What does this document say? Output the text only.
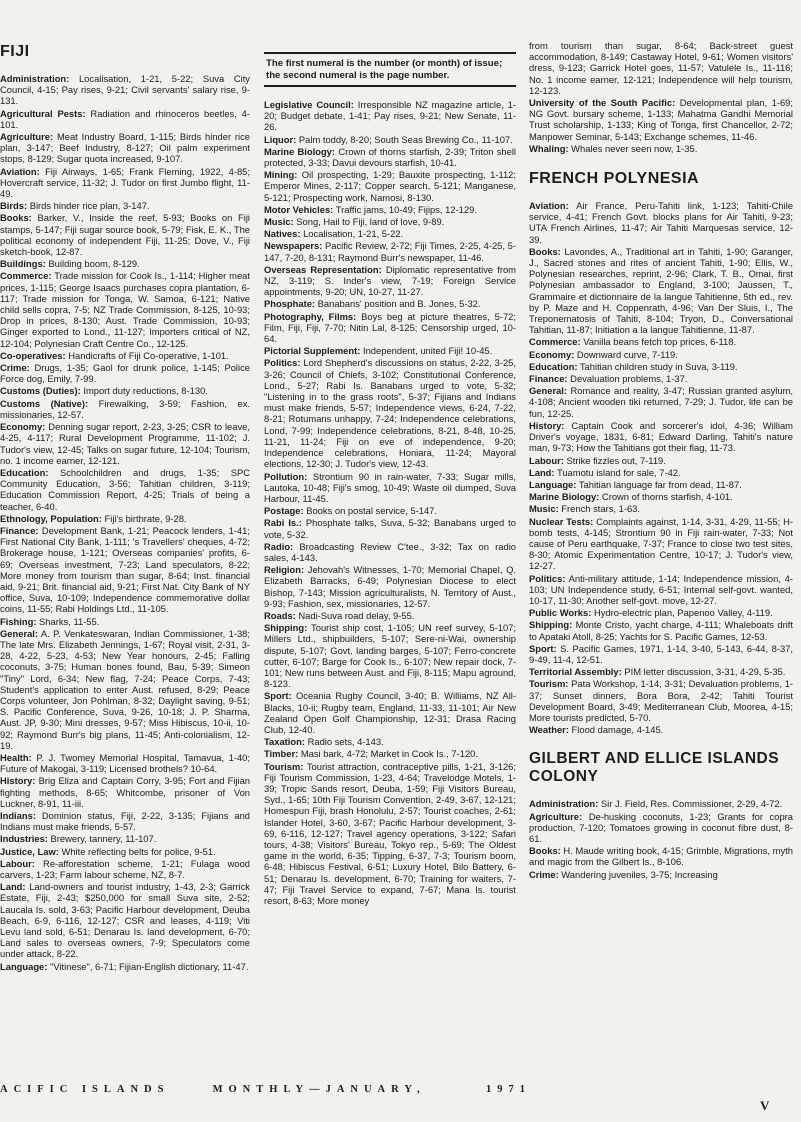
FIJI
Administration: Localisation, 1-21, 5-22; Suva City Council, 4-15; Pay rises, 9-21; Civil servants' salary rise, 9-131.
Agricultural Pests: Radiation and rhinoceros beetles, 4-101.
Agriculture: Meat Industry Board, 1-115; Birds hinder rice plan, 3-147; Beef Industry, 8-127; Oil palm experiment stops, 8-129; Sugar quota increased, 9-107.
Aviation: Fiji Airways, 1-65; Frank Fleming, 1922, 4-85; Hovercraft service, 11-32; J. Tudor on first Jumbo flight, 11-49.
Birds: Birds hinder rice plan, 3-147.
Books: Barker, V., Inside the reef, 5-93; Books on Fiji stamps, 5-147; Fiji sugar source book, 5-79; Fisk, E. K., The political economy of independent Fiji, 11-25; Dove, V., Fiji sketch-book, 12-87.
Buildings: Building boom, 8-129.
Commerce: Trade mission for Cook Is., 1-114; Higher meat prices, 1-115; George Isaacs purchases copra plantation, 6-117; Trade mission for Tonga, W. Samoa, 6-121; Native child sells copra, 7-5; NZ Trade Commission, 8-125, 10-93; Drop in prices, 8-130; Aust. Trade Commission, 10-93; Ginger exported to Lond., 11-127; Importers critical of NZ, 12-104; Polynesian Craft Centre Co., 12-125.
Co-operatives: Handicrafts of Fiji Co-operative, 1-101.
Crime: Drugs, 1-35; Gaol for drunk police, 1-145; Police Force dog, Emily, 7-99.
Customs (Duties): Import duty reductions, 8-130.
Customs (Native): Firewalking, 3-59; Fashion, ex. missionaries, 12-57.
Economy: Denning sugar report, 2-23, 3-25; CSR to leave, 4-25, 4-117; Rural Development Programme, 11-102; J. Tudor's view, 12-45; Talks on sugar future, 12-104; Tourism, no. 1 income earner, 12-121.
Education: Schoolchildren and drugs, 1-35; SPC Community Education, 3-56; Tahitian children, 3-119; Education Commission Report, 4-25; Trials of being a teacher, 6-40.
Ethnology, Population: Fiji's birthrate, 9-28.
Finance: Development Bank, 1-21; Peacock lenders, 1-41; First National City Bank, 1-111; 's Travellers' cheques, 4-72; Brokerage house, 1-121; Overseas companies' profits, 6-69; Overseas investment, 7-23; Land speculators, 8-22; More money from tourism than sugar, 8-64; Inst. financial aid, 9-21; Brit. financial aid, 9-21; First Nat. City Bank of NY office, Suva, 10-109; Independence commemorative dollar coins, 11-55; Rabi Holdings Ltd., 11-105.
Fishing: Sharks, 11-55.
General: A. P. Venkateswaran, Indian Commissioner, 1-38; The late Mrs. Elizabeth Jennings, 1-67; Royal visit, 2-31, 3-28, 4-22, 5-23, 4-53; New Year honours, 2-45; Falling coconuts, 3-75; Human bones found, Bau, 5-39; Simeon "Tiny" Lord, 6-34; New flag, 7-24; Peace Corps, 7-43; Student's application to enter Aust. refused, 8-29; Peace Corps volunteer, Jon Pohlman, 8-32; Daylight saving, 9-51; S. Pacific Conference, Suva, 9-26, 10-18; J. P. Sharma, Aust. JP, 9-30; Mini dresses, 9-57; Miss Hibiscus, 10-ii, 10-92; Raymond Burr's big plans, 11-45; Anti-colonialism, 12-19.
Health: P. J. Twomey Memorial Hospital, Tamavua, 1-40; Future of Makogai, 3-119; Licensed brothels? 10-64.
History: Brig Eliza and Captain Corry, 3-95; Fort and Fijian fighting methods, 8-65; Whitcombe, prisoner of Von Luckner, 8-91, 11-iii.
Indians: Dominion status, Fiji, 2-22, 3-135; Fijians and Indians must make friends, 5-57.
Industries: Brewery, tannery, 11-107.
Justice, Law: White reflecting belts for police, 9-51.
Labour: Re-afforestation scheme, 1-21; Fulaga wood carvers, 1-23; Farm labour scheme, NZ, 8-7.
Land: Land-owners and tourist industry, 1-43, 2-3; Garrick Estate, Fiji, 2-43; $250,000 for small Suva site, 2-52; Laucala Is. sold, 3-63; Pacific Harbour development, Deuba Beach, 6-9, 6-116, 12-127; CSR and leases, 4-119; Viti Levu land sold, 6-51; Denarau Is. land development, 6-70; Land sales to overseas owners, 7-9; Speculators come under attack, 8-22.
Language: "Vitinese", 6-71; Fijian-English dictionary, 11-47.
The first numeral is the number (or month) of issue; the second numeral is the page number.
Legislative Council: Irresponsible NZ magazine article, 1-20; Budget debate, 1-41; Pay rises, 9-21; New Senate, 11-26.
Liquor: Palm toddy, 8-20; South Seas Brewing Co., 11-107.
Marine Biology: Crown of thorns starfish, 2-39; Triton shell protected, 3-33; Davui devours starfish, 10-41.
Mining: Oil prospecting, 1-29; Bauxite prospecting, 1-112; Emperor Mines, 2-117; Copper search, 5-121; Manganese, 5-121; Prospecting work, Namosi, 8-130.
Motor Vehicles: Traffic jams, 10-49; Fijips, 12-129.
Music: Song, Hail to Fiji, land of love, 9-89.
Natives: Localisation, 1-21, 5-22.
Newspapers: Pacific Review, 2-72; Fiji Times, 2-25, 4-25, 5-147, 7-20, 8-131; Raymond Burr's newspaper, 11-46.
Overseas Representation: Diplomatic representative from NZ, 3-119; S. Inder's view, 7-19; Foreign Service appointments, 9-20; UN, 10-27, 11-27.
Phosphate: Banabans' position and B. Jones, 5-32.
Photography, Films: Boys beg at picture theatres, 5-72; Film, Fiji, Fiji, 7-70; Nitin Lal, 8-125; Censorship urged, 10-64.
Pictorial Supplement: Independent, united Fiji! 10-45.
Politics: Lord Shepherd's discussions on status, 2-22, 3-25, 3-26; Council of Chiefs, 3-102; Constitutional Conference, Lond., 5-27; Rabi Is. Banabans urged to vote, 5-32; "Listening in to the grass roots", 5-37; Fijians and Indians must make friends, 5-57; Independence views, 6-24, 7-22, 8-21; Rotumans unhappy, 7-24; Independence celebrations, Lond, 7-99; Independence celebrations, 8-21, 8-48, 10-25, 11-21, 11-24; Fiji on eve of independence, 9-20; Independence celebrations, Honiara, 11-24; Mayoral elections, 12-30; J. Tudor's view, 12-43.
Pollution: Strontium 90 in rain-water, 7-33; Sugar mills, Lautoka, 10-48; Fiji's smog, 10-49; Waste oil dumped, Suva Harbour, 11-45.
Postage: Books on postal service, 5-147.
Rabi Is.: Phosphate talks, Suva, 5-32; Banabans urged to vote, 5-32.
Radio: Broadcasting Review C'tee., 3-32; Tax on radio sales, 4-143.
Religion: Jehovah's Witnesses, 1-70; Memorial Chapel, Q. Elizabeth Barracks, 6-49; Polynesian Diocese to elect Bishop, 7-143; Mission agriculturalists, N. Territory of Aust., 9-93; Fashion, sex, missionaries, 12-57.
Roads: Nadi-Suva road delay, 9-55.
Shipping: Tourist ship cost, 1-105; UN reef survey, 5-107; Millers Ltd., shipbuilders, 5-107; Sere-ni-Wai, ownership dispute, 5-107; Govt. landing barges, 5-107; Ferro-concrete cutter, 6-107; Barge for Cook Is., 6-107; New repair dock, 7-101; New runs between Aust. and Fiji, 8-115; Mapu aground, 8-123.
Sport: Oceania Rugby Council, 3-40; B. Williams, NZ All-Blacks, 10-ii; Rugby team, England, 11-33, 11-101; Air New Zealand Open Golf Championship, 12-31; Drasa Racing Club, 12-40.
Taxation: Radio sets, 4-143.
Timber: Masi bark, 4-72; Market in Cook Is., 7-120.
Tourism: Tourist attraction, contraceptive pills, 1-21, 3-126; Fiji Tourism Commission, 1-23, 4-64; Travelodge Motels, 1-39; Tropic Sands resort, Deuba, 1-59; Fiji Visitors Bureau, Syd., 1-65; 10th Fiji Tourism Convention, 2-49, 3-67, 12-121; Homespun Fiji, brash Honolulu, 2-57; Tourist coaches, 2-61; Islander Hotel, 3-60, 3-67; Pacific Harbour development, 3-69, 6-116, 12-127; Travel agency operations, 3-122; Safari tours, 4-38; Visitors' Bureau, Tokyo rep., 5-69; The Oldest game in the world, 6-35; Tipping, 6-37, 7-3; Tourism boom, 6-48; Hibiscus Festival, 6-51; Luxury Hotel, Bilo Battery, 6-51; Denarau Is. development, 6-70; Training for waiters, 7-47; Fiji Travel Service to expand, 7-67; Mana Is. tourist resort, 8-63; More money
from tourism than sugar, 8-64; Back-street guest accommodation, 8-149; Castaway Hotel, 9-61; Women visitors' dress, 9-123; Garrick Hotel goes, 11-57; Vatulele Is., 11-116; No. 1 income earner, 12-121; Independence will help tourism, 12-123.
University of the South Pacific: Developmental plan, 1-69; NG Govt. bursary scheme, 1-133; Mahatma Gandhi Memorial Trust scholarship, 1-133; King of Tonga, first Chancellor, 2-72; Manpower Seminar, 5-143; Exchange schemes, 11-46.
Whaling: Whales never seen now, 1-35.
FRENCH POLYNESIA
Aviation: Air France, Peru-Tahiti link, 1-123; Tahiti-Chile service, 4-41; French Govt. blocks plans for Air Tahiti, 9-23; UTA French Airlines, 11-47; Air Tahiti Marquesas service, 12-39.
Books: Lavondes, A., Traditional art in Tahiti, 1-90; Garanger, J., Sacred stones and rites of ancient Tahiti, 1-90; Ellis, W., Polynesian researches, reprint, 2-96; Clark, T. B., Omai, first Polynesian ambassador to England, 3-100; Jaussen, T., Grammaire et dictionnaire de la langue Tahitienne, 5th ed., rev. by P. Maze and H. Coppenrath, 4-96; Van Der Sluis, I., The Treponematosis of Tahiti, 8-104; Tryon, D., Conversational Tahitian, 11-87; Initiation a la langue Tahitienne, 11-87.
Commerce: Vanilla beans fetch top prices, 6-118.
Economy: Downward curve, 7-119.
Education: Tahitian children study in Suva, 3-119.
Finance: Devaluation problems, 1-37.
General: Romance and reality, 3-47; Russian granted asylum, 4-108; Ancient wooden tiki returned, 7-29; J. Tudor, life can be fun, 12-25.
History: Captain Cook and sorcerer's idol, 4-36; William Driver's voyage, 1831, 6-81; Edward Darling, Tahiti's nature man, 9-73; How the Tahitians got their flag, 11-73.
Labour: Strike fizzles out, 7-119.
Land: Tuamotu island for sale, 7-42.
Language: Tahitian language far from dead, 11-87.
Marine Biology: Crown of thorns starfish, 4-101.
Music: French stars, 1-63.
Nuclear Tests: Complaints against, 1-14, 3-31, 4-29, 11-55; H-bomb tests, 4-145; Strontium 90 in Fiji rain-water, 7-33; Not cause of Peru earthquake, 7-37; France to close two test sites, 8-30; Atomic Experimentation Centre, 10-17; J. Tudor's view, 12-27.
Politics: Anti-military attitude, 1-14; Independence mission, 4-103; UN Independence study, 6-51; Internal self-govt. wanted, 10-17, 11-30; Another self-govt. move, 12-27.
Public Works: Hydro-electric plan, Papenoo Valley, 4-119.
Shipping: Monte Cristo, yacht charge, 4-111; Whaleboats drift to Apataki Atoll, 8-25; Yachts for S. Pacific Games, 12-53.
Sport: S. Pacific Games, 1971, 1-14, 3-40, 5-143, 6-44, 8-37, 9-49, 11-4, 12-51.
Territorial Assembly: PIM letter discussion, 3-31, 4-29, 5-35.
Tourism: Pata Workshop, 1-14, 3-31; Devaluation problems, 1-37; Sunset dinners, Bora Bora, 2-42; Tahiti Tourist Development Board, 3-49; Mediterranean Club, Moorea, 4-15; More tourists predicted, 5-70.
Weather: Flood damage, 4-145.
GILBERT AND ELLICE ISLANDS COLONY
Administration: Sir J. Field, Res. Commissioner, 2-29, 4-72.
Agriculture: De-husking coconuts, 1-23; Grants for copra production, 7-120; Tomatoes growing in coconut fibre dust, 8-61.
Books: H. Maude writing book, 4-15; Grimble, Migrations, myth and magic from the Gilbert Is., 8-106.
Crime: Wandering juveniles, 3-75; Increasing
ACIFIC ISLANDS	MONTHLY—JANUARY,	1971
V
